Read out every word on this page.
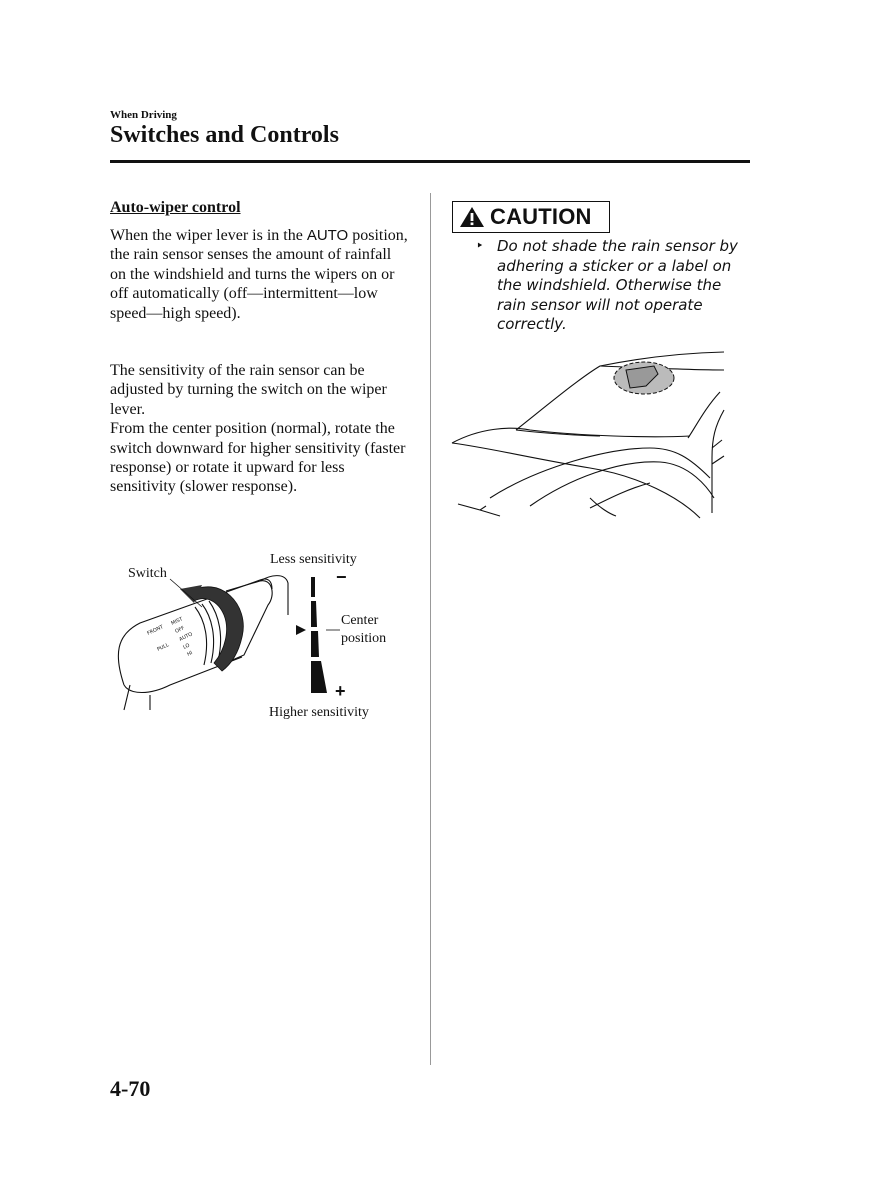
When Driving
Switches and Controls
Auto-wiper control
When the wiper lever is in the AUTO position, the rain sensor senses the amount of rainfall on the windshield and turns the wipers on or off automatically (off—intermittent—low speed—high speed).
The sensitivity of the rain sensor can be adjusted by turning the switch on the wiper lever.
From the center position (normal), rotate the switch downward for higher sensitivity (faster response) or rotate it upward for less sensitivity (slower response).
FRONT
PULL
MIST
OFF
AUTO
LO
HI
−
+
Switch
Less sensitivity
Center
position
Higher sensitivity
CAUTION
‣ Do not shade the rain sensor by adhering a sticker or a label on the windshield. Otherwise the rain sensor will not operate correctly.
4-70
